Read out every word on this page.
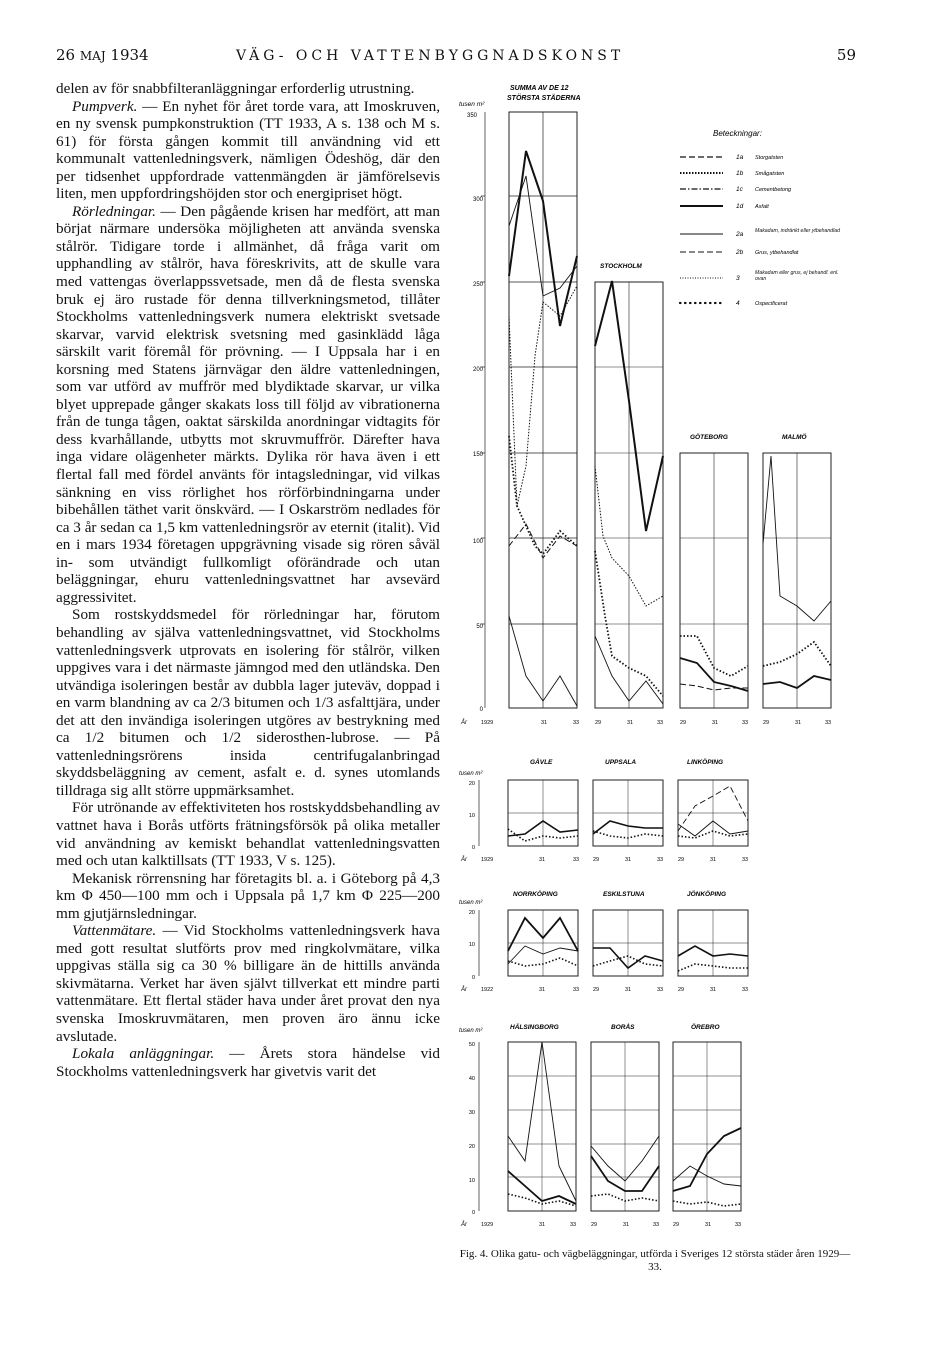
26 MAJ 1934	VÄG- OCH VATTENBYGGNADSKONST	59

delen av för snabbfilteranläggningar erforderlig utrustning.

Pumpverk. — En nyhet för året torde vara, att Imoskruven, en ny svensk pumpkonstruktion (TT 1933, A s. 138 och M s. 61) för första gången kommit till användning vid ett kommunalt vattenledningsverk, nämligen Ödeshög, där den per tidsenhet uppfordrade vattenmängden är jämförelsevis liten, men uppfordringshöjden stor och energipriset högt.

Rörledningar. — Den pågående krisen har medfört, att man börjat närmare undersöka möjligheten att använda svenska stålrör. Tidigare torde i allmänhet, då fråga varit om upphandling av stålrör, hava föreskrivits, att de skulle vara med vattengas överlappssvetsade, men då de flesta svenska bruk ej äro rustade för denna tillverkningsmetod, tillåter Stockholms vattenledningsverk numera elektriskt svetsade skarvar, varvid elektrisk svetsning med gasinklädd låga särskilt varit föremål för prövning. — I Uppsala har i en korsning med Statens järnvägar den äldre vattenledningen, som var utförd av muffrör med blydiktade skarvar, ur vilka blyet upprepade gånger skakats loss till följd av vibrationerna från de tunga tågen, oaktat särskilda anordningar vidtagits för dess kvarhållande, utbytts mot skruvmuffrör. Därefter hava inga vidare olägenheter märkts. Dylika rör hava även i ett flertal fall med fördel använts för intagsledningar, vid vilkas sänkning en viss rörlighet hos rörförbindningarna under bibehållen täthet varit önskvärd. — I Oskarström nedlades för ca 3 år sedan ca 1,5 km vattenledningsrör av eternit (italit). Vid en i mars 1934 företagen uppgrävning visade sig rören såväl in- som utvändigt fullkomligt oförändrade och utan beläggningar, ehuru vattenledningsvattnet har avsevärd aggressivitet.

Som rostskyddsmedel för rörledningar har, förutom behandling av själva vattenledningsvattnet, vid Stockholms vattenledningsverk utprovats en isolering för stålrör, vilken uppgives vara i det närmaste jämngod med den utländska. Den utvändiga isoleringen består av dubbla lager juteväv, doppad i en varm blandning av ca 2/3 bitumen och 1/3 asfalttjära, under det att den invändiga isoleringen utgöres av bestrykning med ca 1/2 bitumen och 1/2 siderosthen-lubrose. — På vattenledningsrörens insida centrifugalanbringad skyddsbeläggning av cement, asfalt e. d. synes utomlands tilldraga sig allt större uppmärksamhet.

För utrönande av effektiviteten hos rostskyddsbehandling av vattnet hava i Borås utförts frätningsförsök på olika metaller vid användning av kemiskt behandlat vattenledningsvatten med och utan kalktillsats (TT 1933, V s. 125).

Mekanisk rörrensning har företagits bl. a. i Göteborg på 4,3 km Φ 450—100 mm och i Uppsala på 1,7 km Φ 225—200 mm gjutjärnsledningar.

Vattenmätare. — Vid Stockholms vattenledningsverk hava med gott resultat slutförts prov med ringkolvmätare, vilka uppgivas ställa sig ca 30 % billigare än de hittills använda skivmätarna. Verket har även självt tillverkat ett mindre parti vattenmätare. Ett flertal städer hava under året provat den nya svenska Imoskruvmätaren, men proven äro ännu icke avslutade.

Lokala anläggningar. — Årets stora händelse vid Stockholms vattenledningsverk har givetvis varit det

SUMMA AV DE 12
STÖRSTA STÄDERNA
tusen m²
350
300
250
200
150
100
50
0
År	1929	31	33
STOCKHOLM
29	31	33
GÖTEBORG
29	31	33
MALMÖ
29	31	33
Beteckningar:
1a
1b
1c
1d
2a
2b
3
4
Storgatsten
Smågatsten
Cementbetong
Asfalt
Makadam, indränkt eller ytbehandlad
Grus, ytbehandlat
Makadam eller grus, ej behandl. enl. ovan
Ospecificerat
tusen m²
20
10
0
GÄVLE	UPPSALA	LINKÖPING
År	1929	31	33	29	31	33	29	31	33
tusen m²
20
10
0
NORRKÖPING	ESKILSTUNA	JÖNKÖPING
År	1922	31	33	29	31	33	29	31	33
tusen m²
50
40
30
20
10
0
HÄLSINGBORG	BORÅS	ÖREBRO
År	1929	31	33	29	31	33	29	31	33
Fig. 4. Olika gatu- och vägbeläggningar, utförda i Sveriges 12 största städer åren 1929—33.
